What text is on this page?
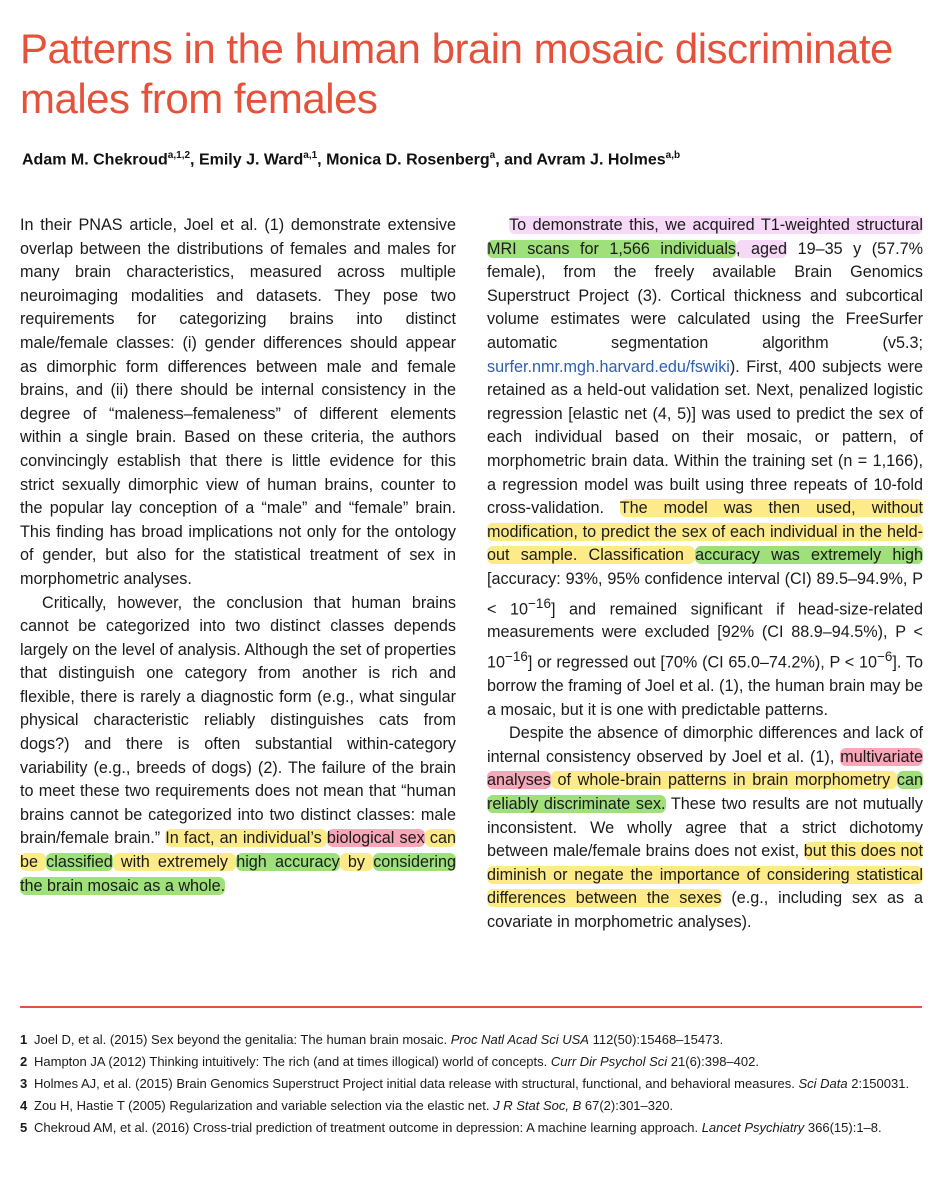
Patterns in the human brain mosaic discriminate males from females
Adam M. Chekroud$^{a,1,2}$, Emily J. Ward$^{a,1}$, Monica D. Rosenberg$^a$, and Avram J. Holmes$^{a,b}$

In their PNAS article, Joel et al. (1) demonstrate extensive overlap between the distributions of females and males for many brain characteristics, measured across multiple neuroimaging modalities and datasets. They pose two requirements for categorizing brains into distinct male/female classes: (i) gender differences should appear as dimorphic form differences between male and female brains, and (ii) there should be internal consistency in the degree of “maleness–femaleness” of different elements within a single brain. Based on these criteria, the authors convincingly establish that there is little evidence for this strict sexually dimorphic view of human brains, counter to the popular lay conception of a “male” and “female” brain. This finding has broad implications not only for the ontology of gender, but also for the statistical treatment of sex in morphometric analyses.

Critically, however, the conclusion that human brains cannot be categorized into two distinct classes depends largely on the level of analysis. Although the set of properties that distinguish one category from another is rich and flexible, there is rarely a diagnostic form (e.g., what singular physical characteristic reliably distinguishes cats from dogs?) and there is often substantial within-category variability (e.g., breeds of dogs) (2). The failure of the brain to meet these two requirements does not mean that “human brains cannot be categorized into two distinct classes: male brain/female brain.” In fact, an individual’s biological sex can be classified with extremely high accuracy by considering the brain mosaic as a whole.

To demonstrate this, we acquired T1-weighted structural MRI scans for 1,566 individuals, aged 19–35 y (57.7% female), from the freely available Brain Genomics Superstruct Project (3). Cortical thickness and subcortical volume estimates were calculated using the FreeSurfer automatic segmentation algorithm (v5.3; surfer.nmr.mgh.harvard.edu/fswiki). First, 400 subjects were retained as a held-out validation set. Next, penalized logistic regression [elastic net (4, 5)] was used to predict the sex of each individual based on their mosaic, or pattern, of morphometric brain data. Within the training set (n = 1,166), a regression model was built using three repeats of 10-fold cross-validation. The model was then used, without modification, to predict the sex of each individual in the held-out sample. Classification accuracy was extremely high [accuracy: 93%, 95% confidence interval (CI) 89.5–94.9%, $P < 10^{-16}$] and remained significant if head-size-related measurements were excluded [92% (CI 88.9–94.5%), $P < 10^{-16}$] or regressed out [70% (CI 65.0–74.2%), $P < 10^{-6}$]. To borrow the framing of Joel et al. (1), the human brain may be a mosaic, but it is one with predictable patterns.

Despite the absence of dimorphic differences and lack of internal consistency observed by Joel et al. (1), multivariate analyses of whole-brain patterns in brain morphometry can reliably discriminate sex. These two results are not mutually inconsistent. We wholly agree that a strict dichotomy between male/female brains does not exist, but this does not diminish or negate the importance of considering statistical differences between the sexes (e.g., including sex as a covariate in morphometric analyses).

1 Joel D, et al. (2015) Sex beyond the genitalia: The human brain mosaic. Proc Natl Acad Sci USA 112(50):15468–15473.
2 Hampton JA (2012) Thinking intuitively: The rich (and at times illogical) world of concepts. Curr Dir Psychol Sci 21(6):398–402.
3 Holmes AJ, et al. (2015) Brain Genomics Superstruct Project initial data release with structural, functional, and behavioral measures. Sci Data 2:150031.
4 Zou H, Hastie T (2005) Regularization and variable selection via the elastic net. J R Stat Soc, B 67(2):301–320.
5 Chekroud AM, et al. (2016) Cross-trial prediction of treatment outcome in depression: A machine learning approach. Lancet Psychiatry 366(15):1–8.
